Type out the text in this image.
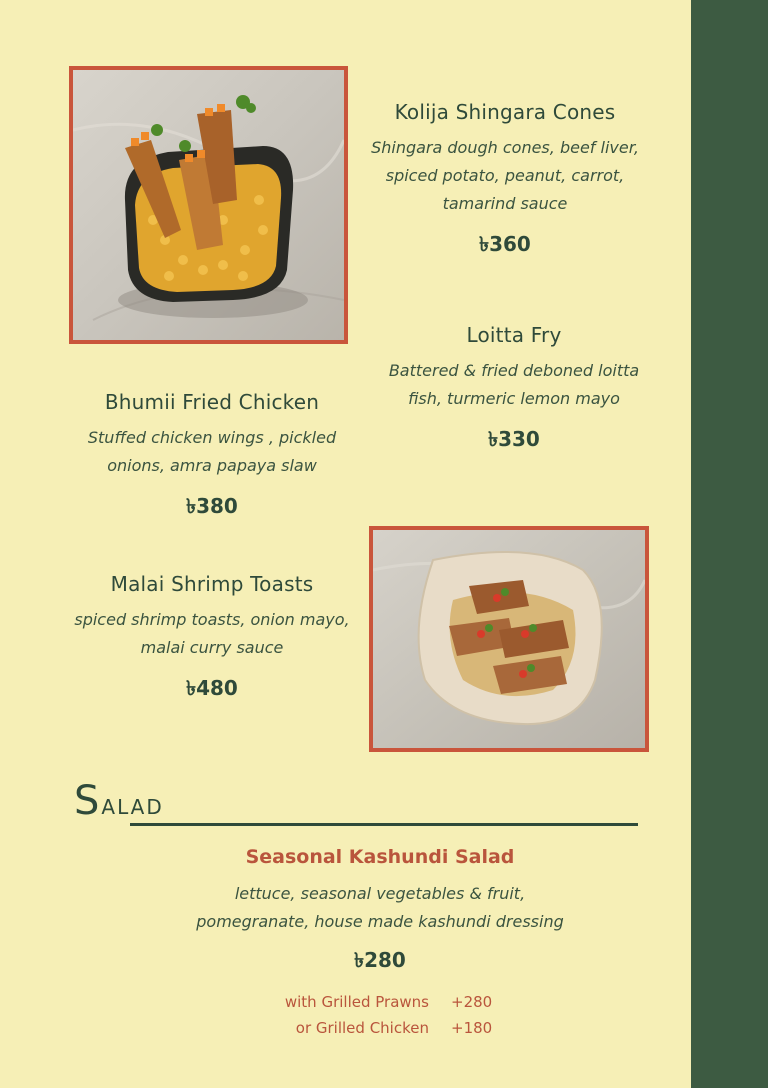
Kolija Shingara Cones
Shingara dough cones, beef liver,
spiced potato, peanut, carrot,
tamarind sauce
৳360
Loitta Fry
Battered & fried deboned loitta
fish, turmeric lemon mayo
৳330
Bhumii Fried Chicken
Stuffed chicken wings , pickled
onions, amra papaya slaw
৳380
Malai Shrimp Toasts
spiced shrimp toasts, onion mayo,
malai curry sauce
৳480
Salad
Seasonal Kashundi Salad
lettuce, seasonal vegetables & fruit,
pomegranate, house made kashundi dressing
৳280
with Grilled Prawns	+280
or Grilled Chicken	+180
